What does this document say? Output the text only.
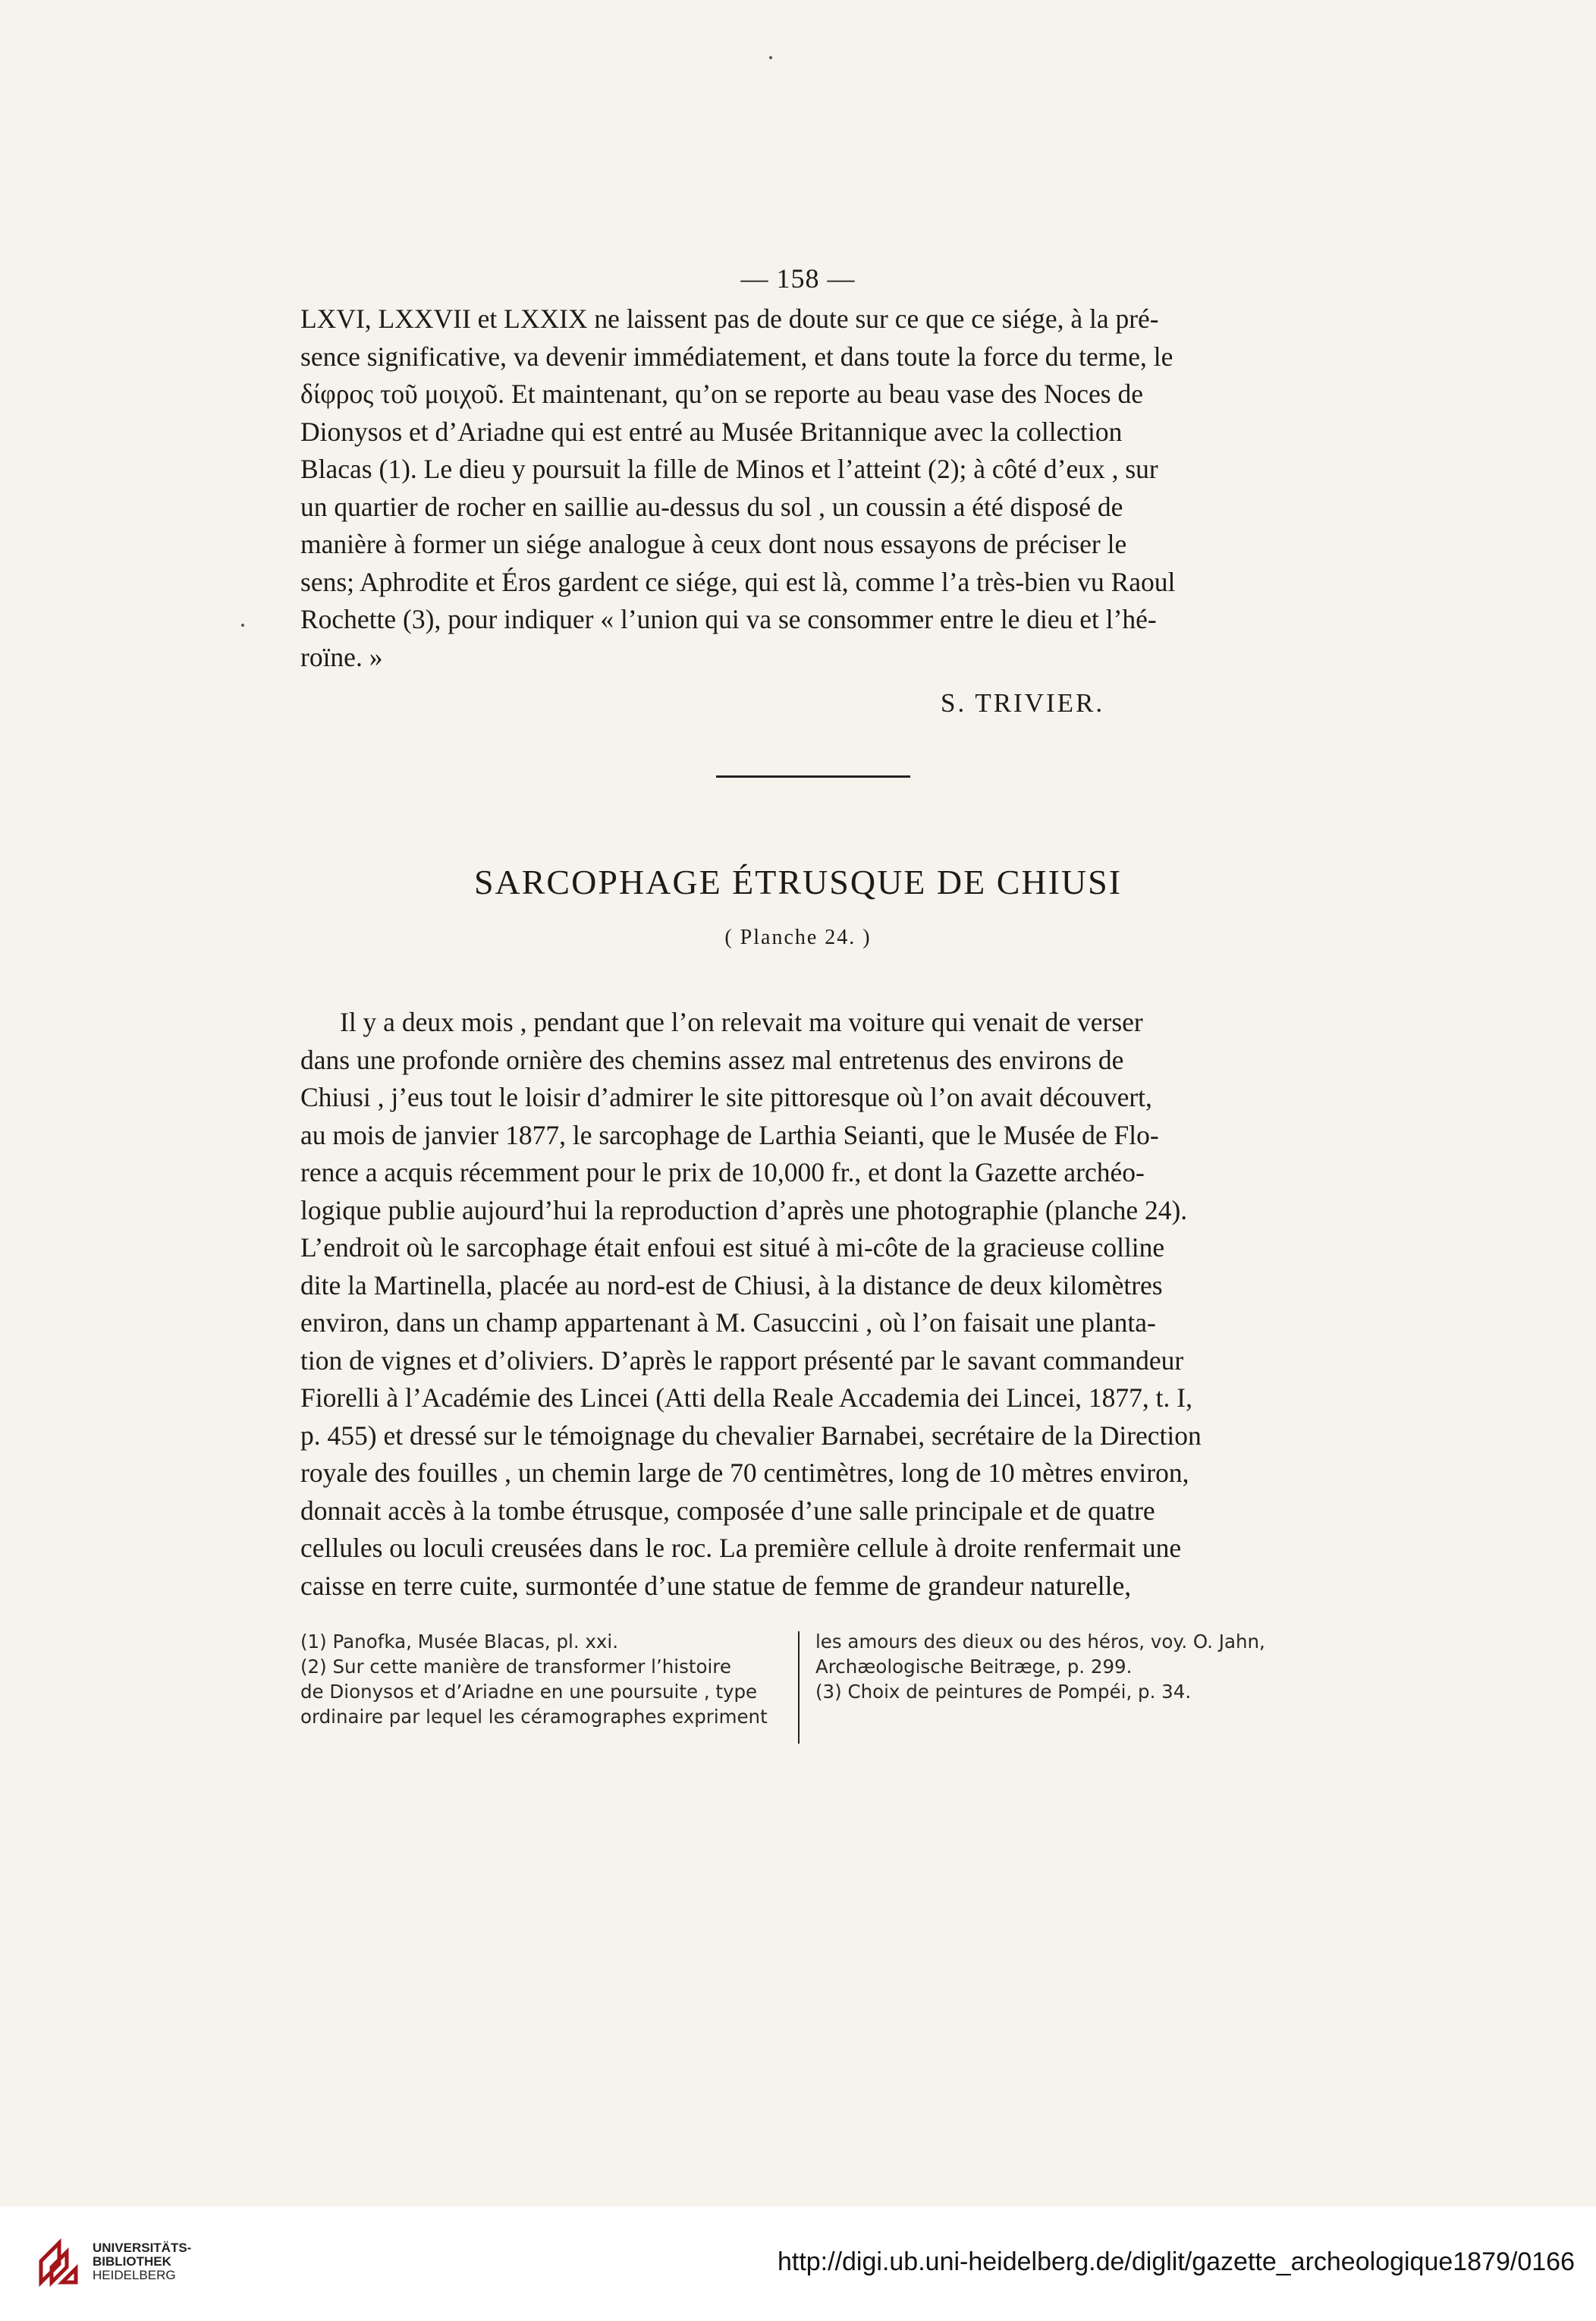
— 158 —

LXVI, LXXVII et LXXIX ne laissent pas de doute sur ce que ce siége, à la pré-

sence significative, va devenir immédiatement, et dans toute la force du terme, le

δίφρος τοῦ μοιχοῦ. Et maintenant, qu’on se reporte au beau vase des Noces de

Dionysos et d’Ariadne qui est entré au Musée Britannique avec la collection

Blacas (1). Le dieu y poursuit la fille de Minos et l’atteint (2); à côté d’eux , sur

un quartier de rocher en saillie au-dessus du sol , un coussin a été disposé de

manière à former un siége analogue à ceux dont nous essayons de préciser le

sens; Aphrodite et Éros gardent ce siége, qui est là, comme l’a très-bien vu Raoul

Rochette (3), pour indiquer « l’union qui va se consommer entre le dieu et l’hé-

roïne. »

S. TRIVIER.
SARCOPHAGE ÉTRUSQUE DE CHIUSI
( Planche 24. )

Il y a deux mois , pendant que l’on relevait ma voiture qui venait de verser

dans une profonde ornière des chemins assez mal entretenus des environs de

Chiusi , j’eus tout le loisir d’admirer le site pittoresque où l’on avait découvert,

au mois de janvier 1877, le sarcophage de Larthia Seianti, que le Musée de Flo-

rence a acquis récemment pour le prix de 10,000 fr., et dont la Gazette archéo-

logique publie aujourd’hui la reproduction d’après une photographie (planche 24).

L’endroit où le sarcophage était enfoui est situé à mi-côte de la gracieuse colline

dite la Martinella, placée au nord-est de Chiusi, à la distance de deux kilomètres

environ, dans un champ appartenant à M. Casuccini , où l’on faisait une planta-

tion de vignes et d’oliviers. D’après le rapport présenté par le savant commandeur

Fiorelli à l’Académie des Lincei (Atti della Reale Accademia dei Lincei, 1877, t. I,

p. 455) et dressé sur le témoignage du chevalier Barnabei, secrétaire de la Direction

royale des fouilles , un chemin large de 70 centimètres, long de 10 mètres environ,

donnait accès à la tombe étrusque, composée d’une salle principale et de quatre

cellules ou loculi creusées dans le roc. La première cellule à droite renfermait une

caisse en terre cuite, surmontée d’une statue de femme de grandeur naturelle,

(1) Panofka, Musée Blacas, pl. xxi.

(2) Sur cette manière de transformer l’histoire

de Dionysos et d’Ariadne en une poursuite , type

ordinaire par lequel les céramographes expriment

les amours des dieux ou des héros, voy. O. Jahn,

Archæologische Beitræge, p. 299.

(3) Choix de peintures de Pompéi, p. 34.

UNIVERSITÄTS-
BIBLIOTHEK
HEIDELBERG	http://digi.ub.uni-heidelberg.de/diglit/gazette_archeologique1879/0166
